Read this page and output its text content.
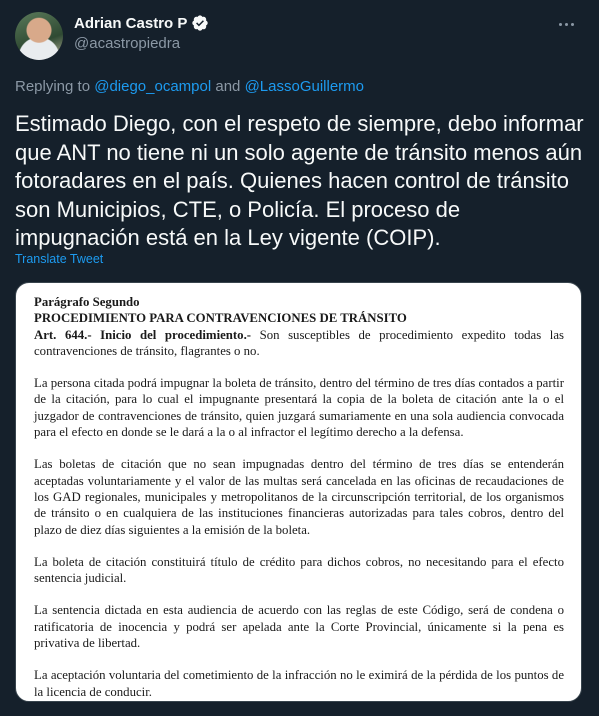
Adrian Castro P
@acastropiedra
Replying to @diego_ocampol and @LassoGuillermo
Estimado Diego, con el respeto de siempre, debo informar que ANT no tiene ni un solo agente de tránsito menos aún fotoradares en el país. Quienes hacen control de tránsito son Municipios, CTE, o Policía. El proceso de impugnación está en la Ley vigente (COIP).
Translate Tweet
Parágrafo Segundo
PROCEDIMIENTO PARA CONTRAVENCIONES DE TRÁNSITO

Art. 644.- Inicio del procedimiento.- Son susceptibles de procedimiento expedito todas las contravenciones de tránsito, flagrantes o no.

La persona citada podrá impugnar la boleta de tránsito, dentro del término de tres días contados a partir de la citación, para lo cual el impugnante presentará la copia de la boleta de citación ante la o el juzgador de contravenciones de tránsito, quien juzgará sumariamente en una sola audiencia convocada para el efecto en donde se le dará a la o al infractor el legítimo derecho a la defensa.

Las boletas de citación que no sean impugnadas dentro del término de tres días se entenderán aceptadas voluntariamente y el valor de las multas será cancelada en las oficinas de recaudaciones de los GAD regionales, municipales y metropolitanos de la circunscripción territorial, de los organismos de tránsito o en cualquiera de las instituciones financieras autorizadas para tales cobros, dentro del plazo de diez días siguientes a la emisión de la boleta.

La boleta de citación constituirá título de crédito para dichos cobros, no necesitando para el efecto sentencia judicial.

La sentencia dictada en esta audiencia de acuerdo con las reglas de este Código, será de condena o ratificatoria de inocencia y podrá ser apelada ante la Corte Provincial, únicamente si la pena es privativa de libertad.

La aceptación voluntaria del cometimiento de la infracción no le eximirá de la pérdida de los puntos de la licencia de conducir.
